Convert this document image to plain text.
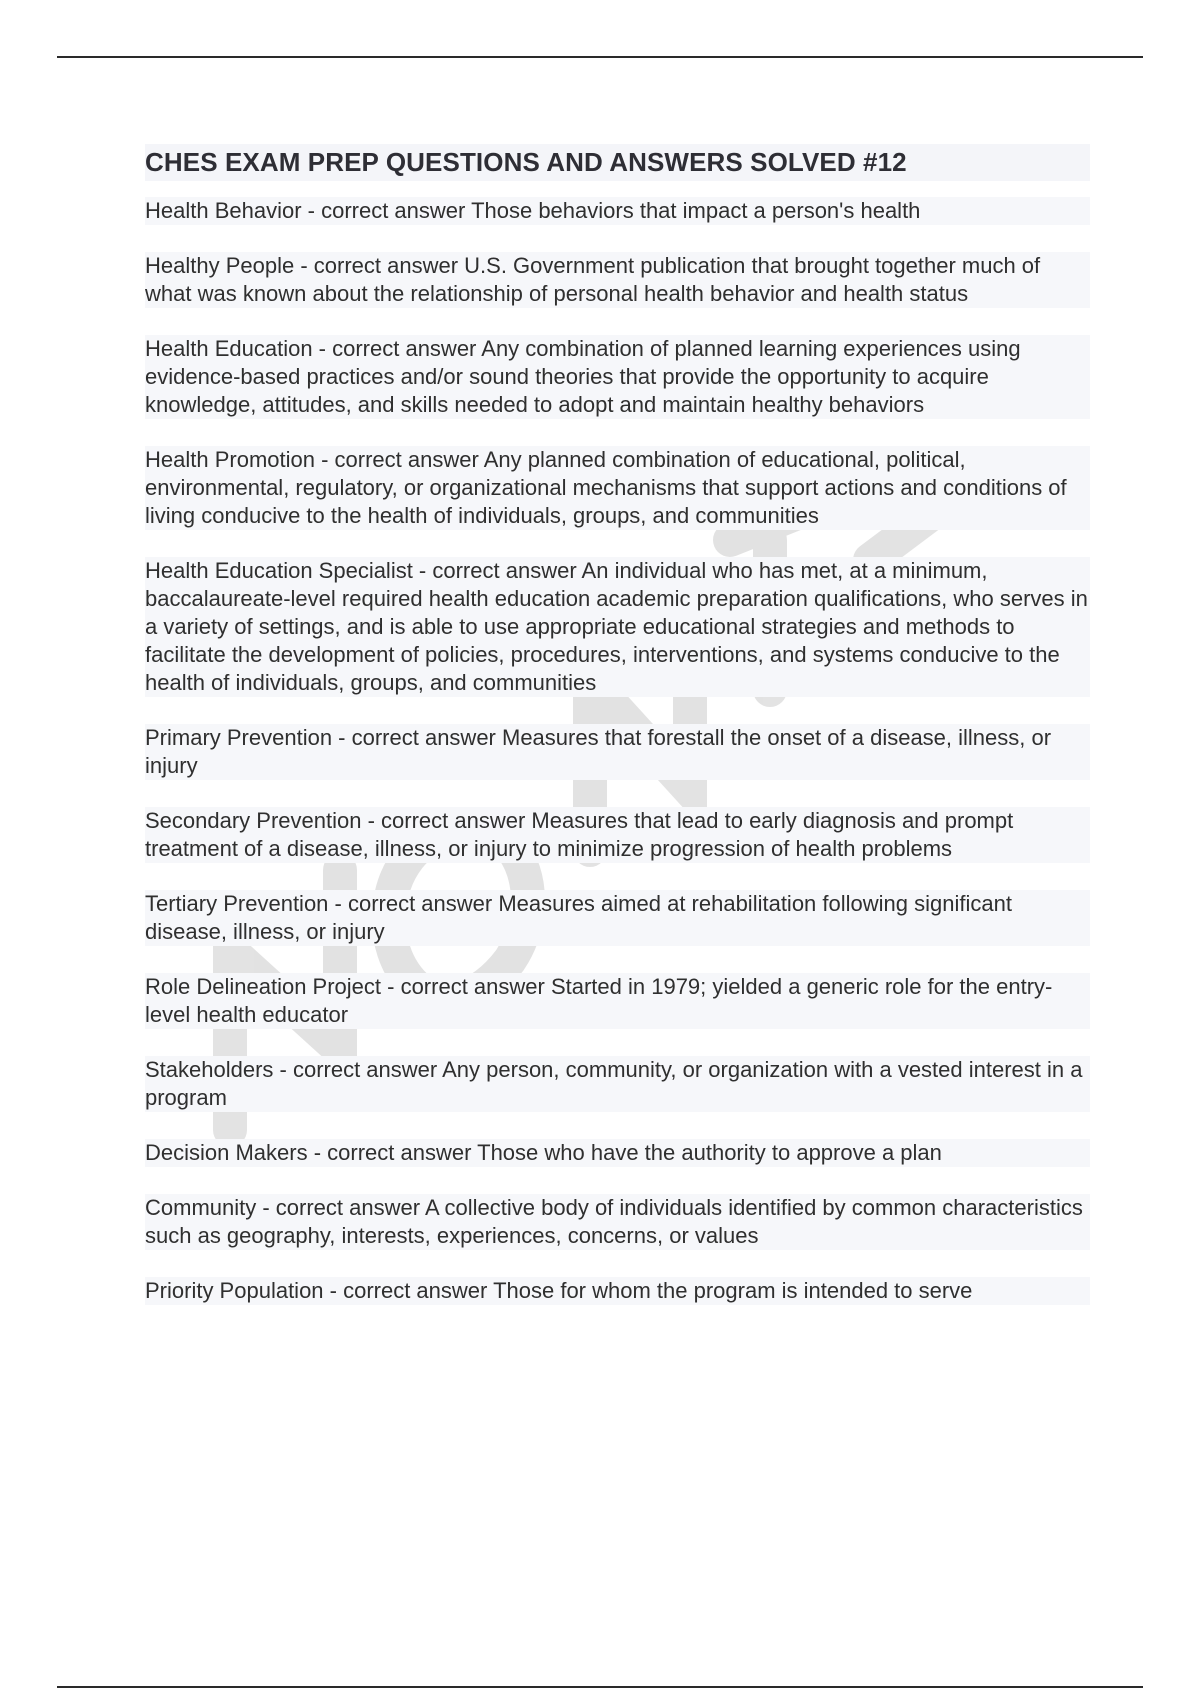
CHES EXAM PREP QUESTIONS AND ANSWERS SOLVED #12

Health Behavior - correct answer Those behaviors that impact a person's health

Healthy People - correct answer U.S. Government publication that brought together much of what was known about the relationship of personal health behavior and health status

Health Education - correct answer Any combination of planned learning experiences using evidence-based practices and/or sound theories that provide the opportunity to acquire knowledge, attitudes, and skills needed to adopt and maintain healthy behaviors

Health Promotion - correct answer Any planned combination of educational, political, environmental, regulatory, or organizational mechanisms that support actions and conditions of living conducive to the health of individuals, groups, and communities

Health Education Specialist - correct answer An individual who has met, at a minimum, baccalaureate-level required health education academic preparation qualifications, who serves in a variety of settings, and is able to use appropriate educational strategies and methods to facilitate the development of policies, procedures, interventions, and systems conducive to the health of individuals, groups, and communities

Primary Prevention - correct answer Measures that forestall the onset of a disease, illness, or injury

Secondary Prevention - correct answer Measures that lead to early diagnosis and prompt treatment of a disease, illness, or injury to minimize progression of health problems

Tertiary Prevention - correct answer Measures aimed at rehabilitation following significant disease, illness, or injury

Role Delineation Project - correct answer Started in 1979; yielded a generic role for the entry-level health educator

Stakeholders - correct answer Any person, community, or organization with a vested interest in a program

Decision Makers - correct answer Those who have the authority to approve a plan

Community - correct answer A collective body of individuals identified by common characteristics such as geography, interests, experiences, concerns, or values

Priority Population - correct answer Those for whom the program is intended to serve
